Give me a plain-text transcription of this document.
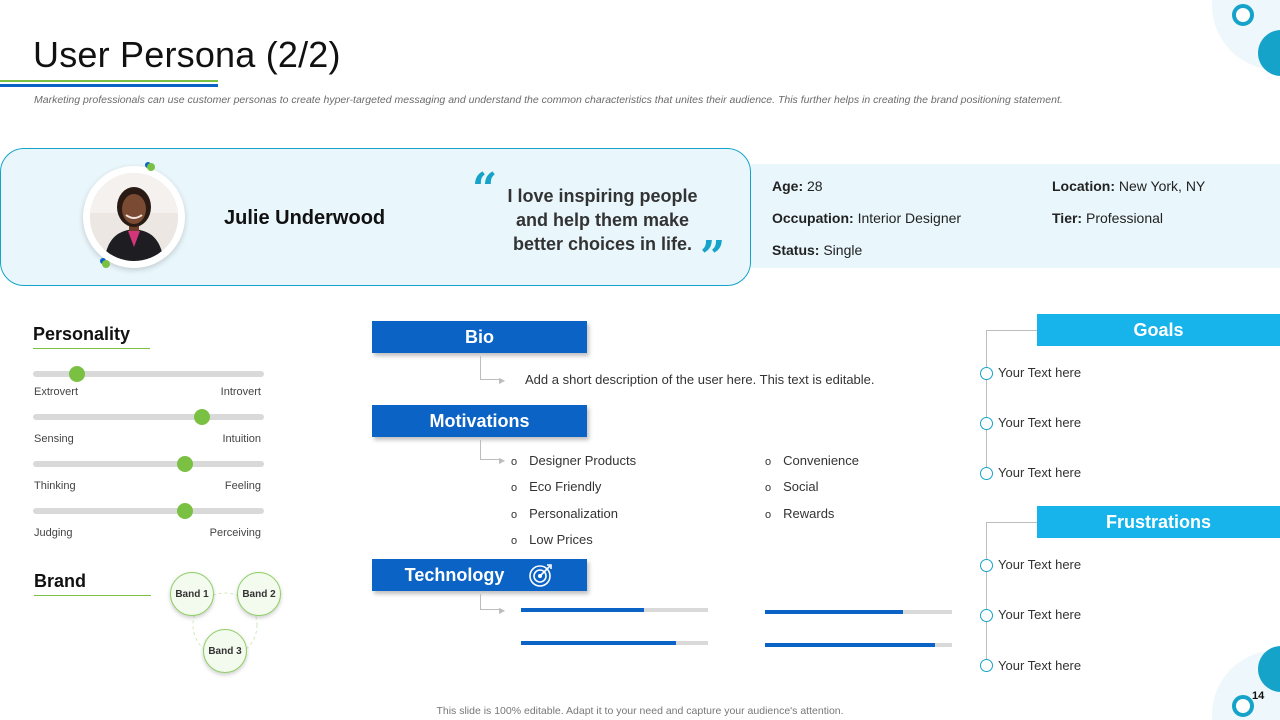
User Persona (2/2)
Marketing professionals can use customer personas to create hyper-targeted messaging and understand the common characteristics that unites their audience. This further helps in creating the brand positioning statement.
Julie Underwood
“ I love inspiring people and help them make better choices in life. ”
Age: 28
Occupation: Interior Designer
Status: Single
Location: New York, NY
Tier: Professional
Personality
Extrovert	Introvert
Sensing	Intuition
Thinking	Feeling
Judging	Perceiving
Brand
Band 1	Band 2
Band 3
Bio
▶ Add a short description of the user here. This text is editable.
Motivations
▶
o	Designer Products
o Eco Friendly
o Personalization
o Low Prices
o Convenience
o Social
o Rewards
Technology
▶
Goals
Your Text here
Your Text here
Your Text here
Frustrations
Your Text here
Your Text here
Your Text here
This slide is 100% editable. Adapt it to your need and capture your audience's attention.
14
